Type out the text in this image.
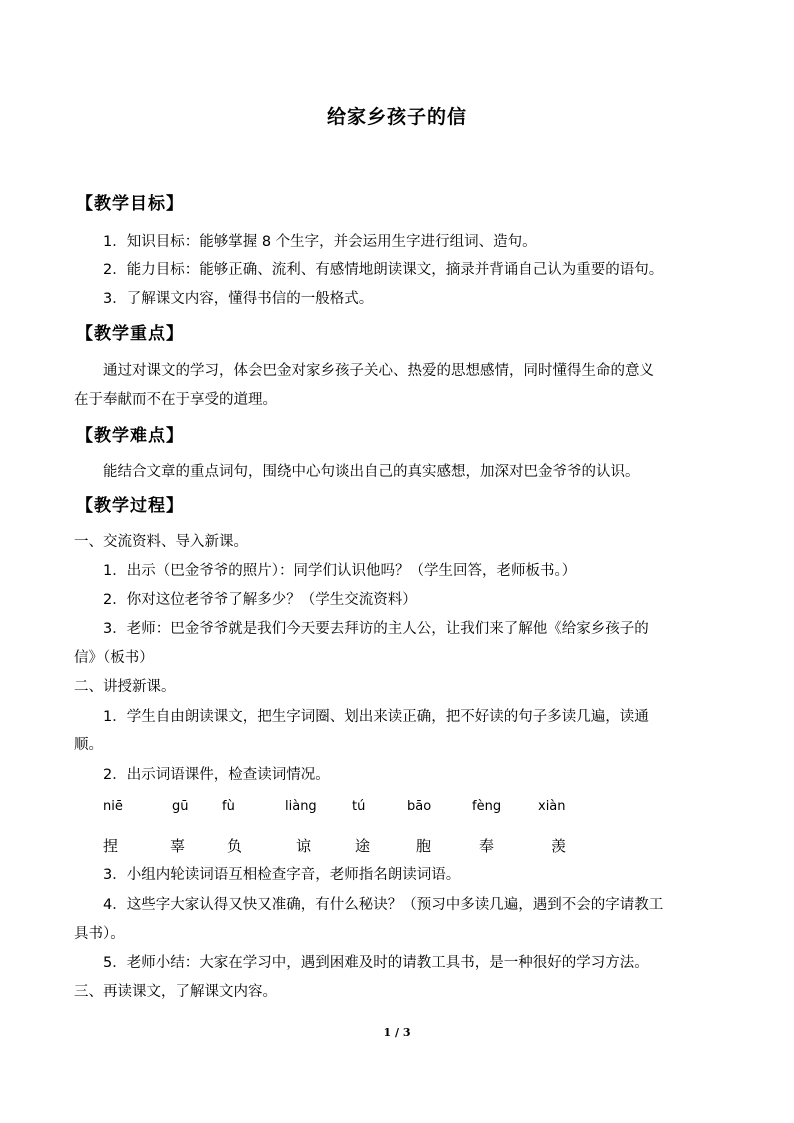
给家乡孩子的信
【教学目标】
1．知识目标：能够掌握 8 个生字，并会运用生字进行组词、造句。
2．能力目标：能够正确、流利、有感情地朗读课文，摘录并背诵自己认为重要的语句。
3．了解课文内容，懂得书信的一般格式。
【教学重点】
通过对课文的学习，体会巴金对家乡孩子关心、热爱的思想感情，同时懂得生命的意义
在于奉献而不在于享受的道理。
【教学难点】
能结合文章的重点词句，围绕中心句谈出自己的真实感想，加深对巴金爷爷的认识。
【教学过程】
一、交流资料、导入新课。
1．出示（巴金爷爷的照片）：同学们认识他吗？（学生回答，老师板书。）
2．你对这位老爷爷了解多少？（学生交流资料）
3．老师：巴金爷爷就是我们今天要去拜访的主人公，让我们来了解他《给家乡孩子的
信》（板书）
二、讲授新课。
1．学生自由朗读课文，把生字词圈、划出来读正确，把不好读的句子多读几遍，读通
顺。
2．出示词语课件，检查读词情况。
niē	gū	fù	liàng	tú	bāo	fèng	xiàn
捏	辜	负	谅	途	胞	奉	羡
3．小组内轮读词语互相检查字音，老师指名朗读词语。
4．这些字大家认得又快又准确，有什么秘诀？（预习中多读几遍，遇到不会的字请教工
具书）。
5．老师小结：大家在学习中，遇到困难及时的请教工具书，是一种很好的学习方法。
三、再读课文，了解课文内容。
1 / 3
